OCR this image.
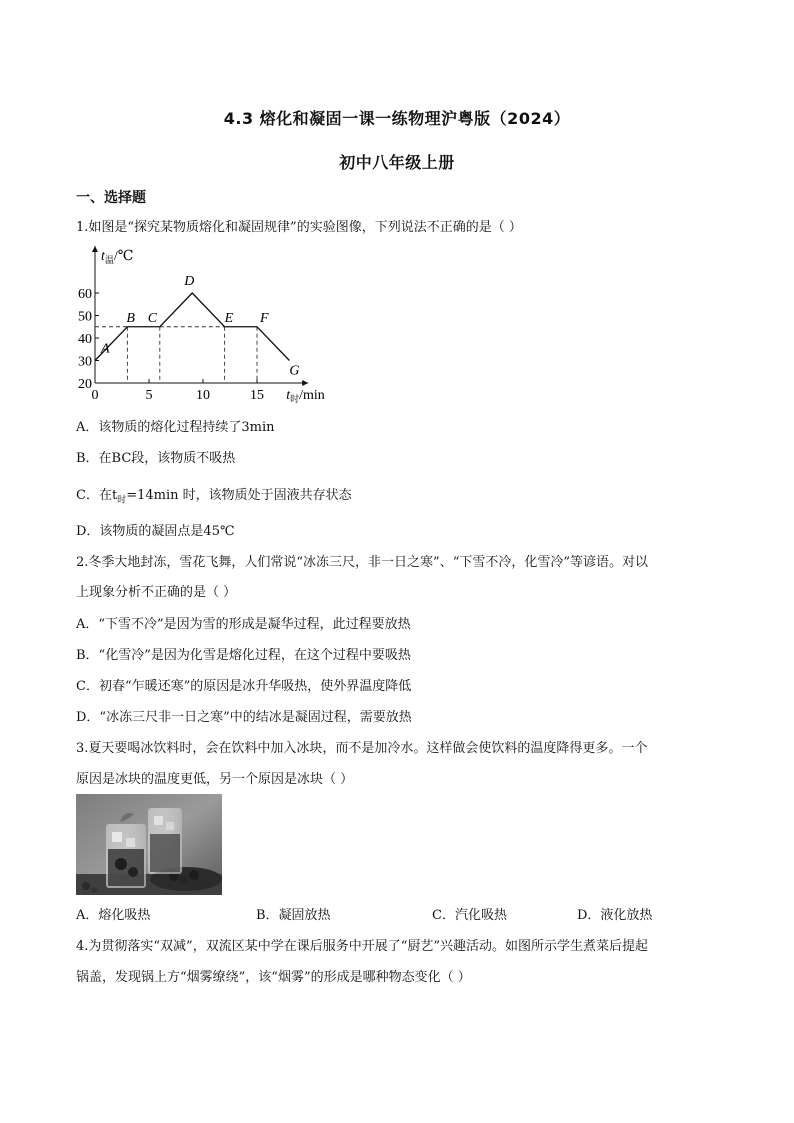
4.3 熔化和凝固一课一练物理沪粤版（2024）
初中八年级上册
一、选择题
1.如图是“探究某物质熔化和凝固规律”的实验图像，下列说法不正确的是（ ）
20
30
40
50
60
0	5	10	15
A
B C
D
E F
G
$t_温/℃$
$t_时/\min$
A．该物质的熔化过程持续了3min
B．在BC段，该物质不吸热
C．在$t_时=14\min$ 时，该物质处于固液共存状态
D．该物质的凝固点是45℃
2.冬季大地封冻，雪花飞舞，人们常说“冰冻三尺，非一日之寒”、“下雪不冷，化雪冷”等谚语。对以
上现象分析不正确的是（ ）
A．“下雪不冷”是因为雪的形成是凝华过程，此过程要放热
B．“化雪冷”是因为化雪是熔化过程，在这个过程中要吸热
C．初春“乍暖还寒”的原因是冰升华吸热，使外界温度降低
D．“冰冻三尺非一日之寒”中的结冰是凝固过程，需要放热
3.夏天要喝冰饮料时，会在饮料中加入冰块，而不是加冷水。这样做会使饮料的温度降得更多。一个
原因是冰块的温度更低，另一个原因是冰块（ ）
A．熔化吸热	B．凝固放热	C．汽化吸热	D．液化放热
4.为贯彻落实“双减”，双流区某中学在课后服务中开展了“厨艺”兴趣活动。如图所示学生煮菜后提起
锅盖，发现锅上方“烟雾缭绕”，该“烟雾”的形成是哪种物态变化（ ）
